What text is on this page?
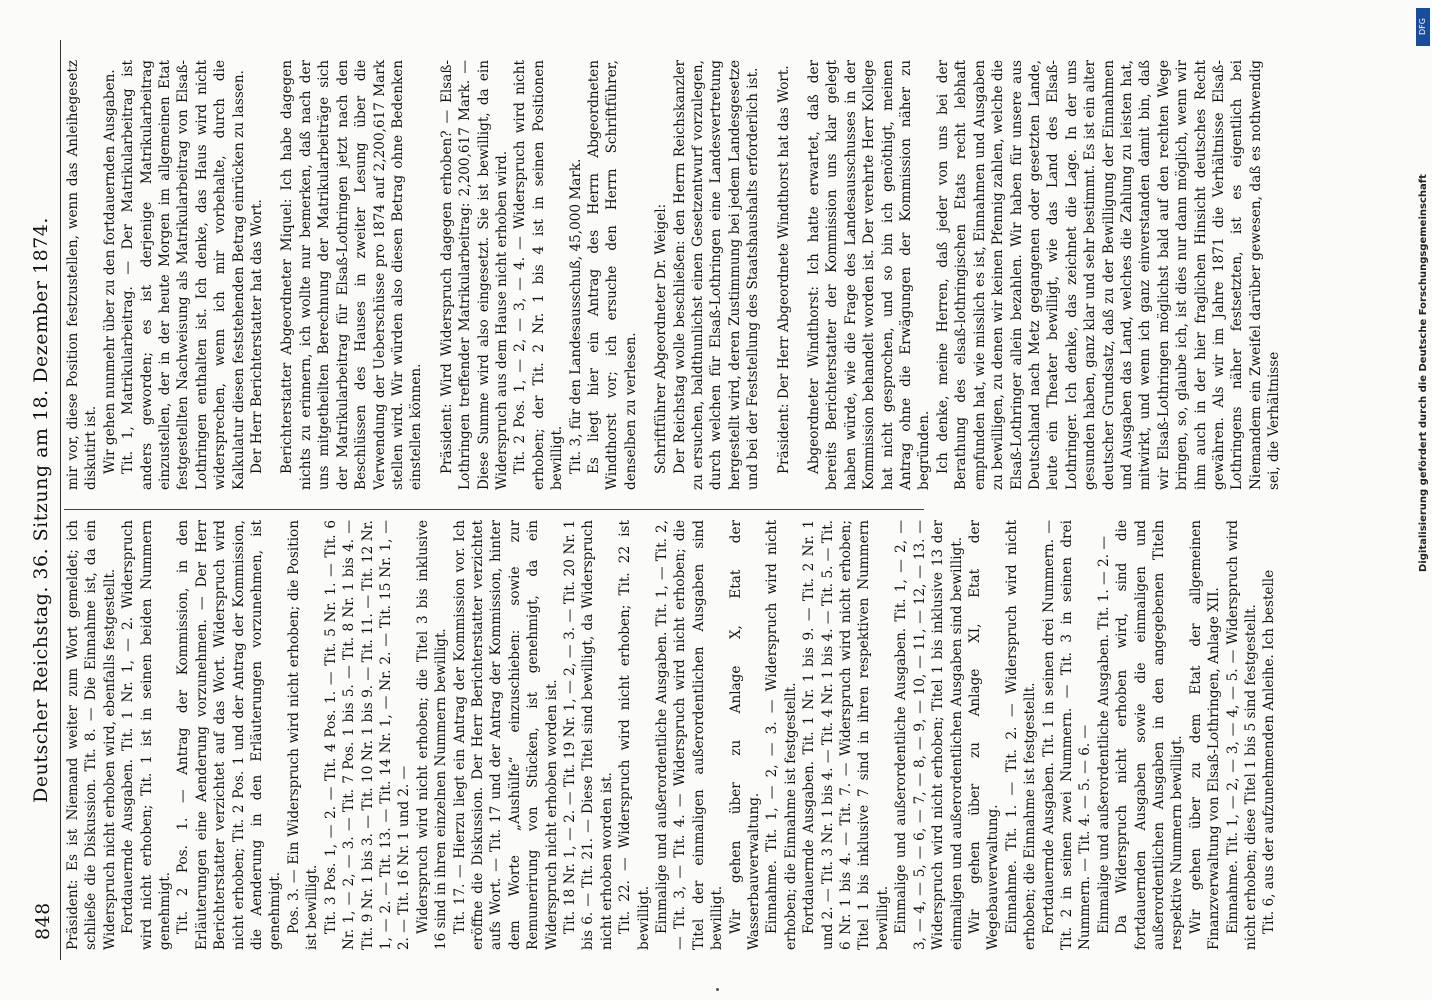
848
Deutscher Reichstag. 36. Sitzung am 18. Dezember 1874. Präsident: Es ist Niemand weiter zum Wort gemeldet; ich schließe die Diskussion. Tit. 8. — Die Einnahme ist, da ein Widerspruch nicht erhoben wird, ebenfalls festgestellt. Fortdauernde Ausgaben. Tit. 1 Nr. 1, — 2. Widerspruch wird nicht erhoben; Tit. 1 ist in seinen beiden Nummern genehmigt. Tit. 2 Pos. 1. — Antrag der Kommission, in den Erläuterungen eine Aenderung vorzunehmen. — Der Herr Berichterstatter verzichtet auf das Wort. Widerspruch wird nicht erhoben; Tit. 2 Pos. 1 und der Antrag der Kommission, die Aenderung in den Erläuterungen vorzunehmen, ist genehmigt. Pos. 3. — Ein Widerspruch wird nicht erhoben; die Position ist bewilligt. Tit. 3 Pos. 1, — 2. — Tit. 4 Pos. 1. — Tit. 5 Nr. 1. — Tit. 6 Nr. 1, — 2, — 3. — Tit. 7 Pos. 1 bis 5. — Tit. 8 Nr. 1 bis 4. — Tit. 9 Nr. 1 bis 3. — Tit. 10 Nr. 1 bis 9. — Tit. 11. — Tit. 12 Nr. 1, — 2. — Tit. 13. — Tit. 14 Nr. 1, — Nr. 2. — Tit. 15 Nr. 1, — 2. — Tit. 16 Nr. 1 und 2. — Widerspruch wird nicht erhoben; die Titel 3 bis inklusive 16 sind in ihren einzelnen Nummern bewilligt. Tit. 17. — Hierzu liegt ein Antrag der Kommission vor. Ich eröffne die Diskussion. Der Herr Berichterstatter verzichtet aufs Wort. — Tit. 17 und der Antrag der Kommission, hinter dem Worte „Aushülfe“ einzuschieben: sowie zur Remunerirung von Stücken, ist genehmigt, da ein Widerspruch nicht erhoben worden ist. Tit. 18 Nr. 1, — 2. — Tit. 19 Nr. 1, — 2, — 3. — Tit. 20 Nr. 1 bis 6. — Tit. 21. — Diese Titel sind bewilligt, da Widerspruch nicht erhoben worden ist. Tit. 22. — Widerspruch wird nicht erhoben; Tit. 22 ist bewilligt. Einmalige und außerordentliche Ausgaben. Tit. 1, — Tit. 2, — Tit. 3, — Tit. 4. — Widerspruch wird nicht erhoben; die Titel der einmaligen außerordentlichen Ausgaben sind bewilligt. Wir gehen über zu Anlage X, Etat der Wasserbauverwaltung. Einnahme. Tit. 1, — 2, — 3. — Widerspruch wird nicht erhoben; die Einnahme ist festgestellt. Fortdauernde Ausgaben. Tit. 1 Nr. 1 bis 9. — Tit. 2 Nr. 1 und 2. — Tit. 3 Nr. 1 bis 4. — Tit. 4 Nr. 1 bis 4. — Tit. 5. — Tit. 6 Nr. 1 bis 4. — Tit. 7. — Widerspruch wird nicht erhoben; Titel 1 bis inklusive 7 sind in ihren respektiven Nummern bewilligt. Einmalige und außerordentliche Ausgaben. Tit. 1, — 2, — 3, — 4, — 5, — 6, — 7, — 8, — 9, — 10, — 11, — 12, — 13. — Widerspruch wird nicht erhoben; Titel 1 bis inklusive 13 der einmaligen und außerordentlichen Ausgaben sind bewilligt. Wir gehen über zu Anlage XI, Etat der Wegebauverwaltung. Einnahme. Tit. 1. — Tit. 2. — Widerspruch wird nicht erhoben; die Einnahme ist festgestellt. Fortdauernde Ausgaben. Tit. 1 in seinen drei Nummern. — Tit. 2 in seinen zwei Nummern. — Tit. 3 in seinen drei Nummern. — Tit. 4. — 5. — 6. — Einmalige und außerordentliche Ausgaben. Tit. 1. — 2. — Da Widerspruch nicht erhoben wird, sind die fortdauernden Ausgaben sowie die einmaligen und außerordentlichen Ausgaben in den angegebenen Titeln respektive Nummern bewilligt. Wir gehen über zu dem Etat der allgemeinen Finanzverwaltung von Elsaß-Lothringen, Anlage XII. Einnahme. Tit. 1, — 2, — 3, — 4, — 5. — Widerspruch wird nicht erhoben; diese Titel 1 bis 5 sind festgestellt. Tit. 6, aus der aufzunehmenden Anleihe. Ich bestelle

mir vor, diese Position festzustellen, wenn das Anleihegesetz diskutirt ist. Wir gehen nunmehr über zu den fortdauernden Ausgaben. Tit. 1, Matrikularbeitrag. — Der Matrikularbeitrag ist anders geworden; es ist derjenige Matrikularbeitrag einzustellen, der in der heute Morgen im allgemeinen Etat festgestellten Nachweisung als Matrikularbeitrag von Elsaß-Lothringen enthalten ist. Ich denke, das Haus wird nicht widersprechen, wenn ich mir vorbehalte, durch die Kalkulatur diesen feststehenden Betrag einrücken zu lassen. Der Herr Berichterstatter hat das Wort. Berichterstatter Abgeordneter Miquel: Ich habe dagegen nichts zu erinnern, ich wollte nur bemerken, daß nach der uns mitgetheilten Berechnung der Matrikularbeiträge sich der Matrikularbeitrag für Elsaß-Lothringen jetzt nach den Beschlüssen des Hauses in zweiter Lesung über die Verwendung der Ueberschüsse pro 1874 auf 2,200,617 Mark stellen wird. Wir würden also diesen Betrag ohne Bedenken einstellen können. Präsident: Wird Widerspruch dagegen erhoben? — Elsaß-Lothringen treffender Matrikularbeitrag: 2,200,617 Mark. — Diese Summe wird also eingesetzt. Sie ist bewilligt, da ein Widerspruch aus dem Hause nicht erhoben wird. Tit. 2 Pos. 1, — 2, — 3, — 4. — Widerspruch wird nicht erhoben; der Tit. 2 Nr. 1 bis 4 ist in seinen Positionen bewilligt. Tit. 3, für den Landesausschuß, 45,000 Mark. Es liegt hier ein Antrag des Herrn Abgeordneten Windthorst vor; ich ersuche den Herrn Schriftführer, denselben zu verlesen. Schriftführer Abgeordneter Dr. Weigel: Der Reichstag wolle beschließen: den Herrn Reichskanzler zu ersuchen, baldthunlichst einen Gesetzentwurf vorzulegen, durch welchen für Elsaß-Lothringen eine Landesvertretung hergestellt wird, deren Zustimmung bei jedem Landesgesetze und bei der Feststellung des Staatshaushalts erforderlich ist. Präsident: Der Herr Abgeordnete Windthorst hat das Wort. Abgeordneter Windthorst: Ich hatte erwartet, daß der bereits Berichterstatter der Kommission uns klar gelegt haben würde, wie die Frage des Landesausschusses in der Kommission behandelt worden ist. Der verehrte Herr Kollege hat nicht gesprochen, und so bin ich genöthigt, meinen Antrag ohne die Erwägungen der Kommission näher zu begründen. Ich denke, meine Herren, daß jeder von uns bei der Berathung des elsaß-lothringischen Etats recht lebhaft empfunden hat, wie misslich es ist, Einnahmen und Ausgaben zu bewilligen, zu denen wir keinen Pfennig zahlen, welche die Elsaß-Lothringer allein bezahlen. Wir haben für unsere aus Deutschland nach Metz gegangenen oder gesetzten Lande, leute ein Theater bewilligt, wie das Land des Elsaß-Lothringer. Ich denke, das zeichnet die Lage. In der uns gesunden haben, ganz klar und sehr bestimmt. Es ist ein alter deutscher Grundsatz, daß zu der Bewilligung der Einnahmen und Ausgaben das Land, welches die Zahlung zu leisten hat, mitwirkt, und wenn ich ganz einverstanden damit bin, daß wir Elsaß-Lothringen möglichst bald auf den rechten Wege bringen, so, glaube ich, ist dies nur dann möglich, wenn wir ihm auch in der hier fraglichen Hinsicht deutsches Recht gewähren. Als wir im Jahre 1871 die Verhältnisse Elsaß-Lothringens näher festsetzten, ist es eigentlich bei Niemandem ein Zweifel darüber gewesen, daß es nothwendig sei, die Verhältnisse

DFG
Digitalisierung gefördert durch die Deutsche Forschungsgemeinschaft
